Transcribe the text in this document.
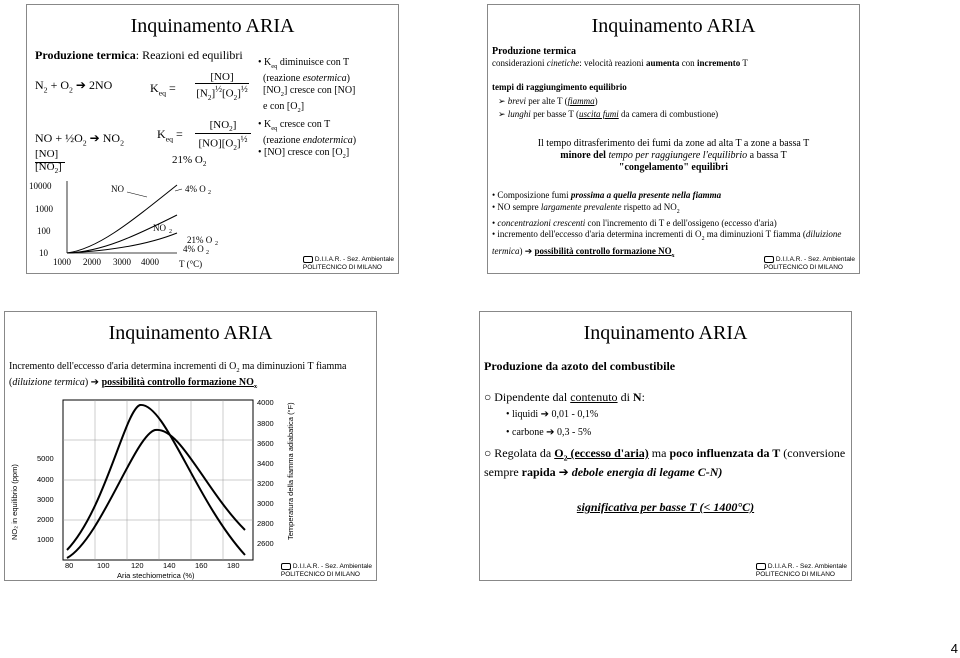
Inquinamento ARIA
Produzione termica: Reazioni ed equilibri
$N_2 + O_2$ ➔ 2NO	$K_{eq}$ =
[NO]
$[N_2]^{\frac{1}{2}}[O_2]^{\frac{1}{2}}$
• $K_{eq}$ diminuisce con T
(reazione esotermica)
$[NO_2]$ cresce con [NO]
e con $[O_2]$
NO + $\frac{1}{2}O_2$ ➔ $NO_2$
$K_{eq}$ =
$[NO_2]$
$[NO][O_2]^{\frac{1}{2}}$
[NO]
$[NO_2]$
21% $O_2$
• $K_{eq}$ cresce con T
(reazione endotermica)
• [NO] cresce con $[O_2]$
10000
1000
100
10
1000 2000 3000 4000 T (°C)
NO	4% O 2
NO 2
21% O 2
4% O 2
D.I.I.A.R. - Sez. Ambientale
POLITECNICO DI MILANO
Inquinamento ARIA
Produzione termica
considerazioni cinetiche: velocità reazioni aumenta con incremento T
tempi di raggiungimento equilibrio
➢ brevi per alte T (fiamma)
➢ lunghi per basse T (uscita fumi da camera di combustione)
Il tempo ditrasferimento dei fumi da zone ad alta T a zone a bassa T
minore del tempo per raggiungere l'equilibrio a bassa T
"congelamento" equilibri
• Composizione fumi prossima a quella presente nella fiamma
• NO sempre largamente prevalente rispetto ad $NO_2$
• concentrazioni crescenti con l'incremento di T e dell'ossigeno (eccesso d'aria)
• incremento dell'eccesso d'aria determina incrementi di $O_2$ ma diminuzioni T fiamma (diluizione termica) ➔ possibilità controllo formazione $NO_x$
D.I.I.A.R. - Sez. Ambientale
POLITECNICO DI MILANO
Inquinamento ARIA
Incremento dell'eccesso d'aria determina incrementi di $O_2$ ma diminuzioni T fiamma (diluizione termica) ➔ possibilità controllo formazione $NO_x$
NO₂ in equilibrio (ppm)	Temperatura della fiamma adiabatica (°F)
Aria stechiometrica (%)
5000
4000
3000
2000
1000
4000
3800
3600
3400
3200
3000
2800
2600
80	100	120	140	160	180	D.I.I.A.R. - Sez. Ambientale
POLITECNICO DI MILANO
Inquinamento ARIA
Produzione da azoto del combustibile
○ Dipendente dal contenuto di N:
• liquidi ➔ 0,01 - 0,1%
• carbone ➔ 0,3 - 5%
○ Regolata da $O_2$ (eccesso d'aria) ma poco influenzata da T (conversione sempre rapida ➔ debole energia di legame C-N)
significativa per basse T (< 1400°C)
D.I.I.A.R. - Sez. Ambientale
POLITECNICO DI MILANO
4
